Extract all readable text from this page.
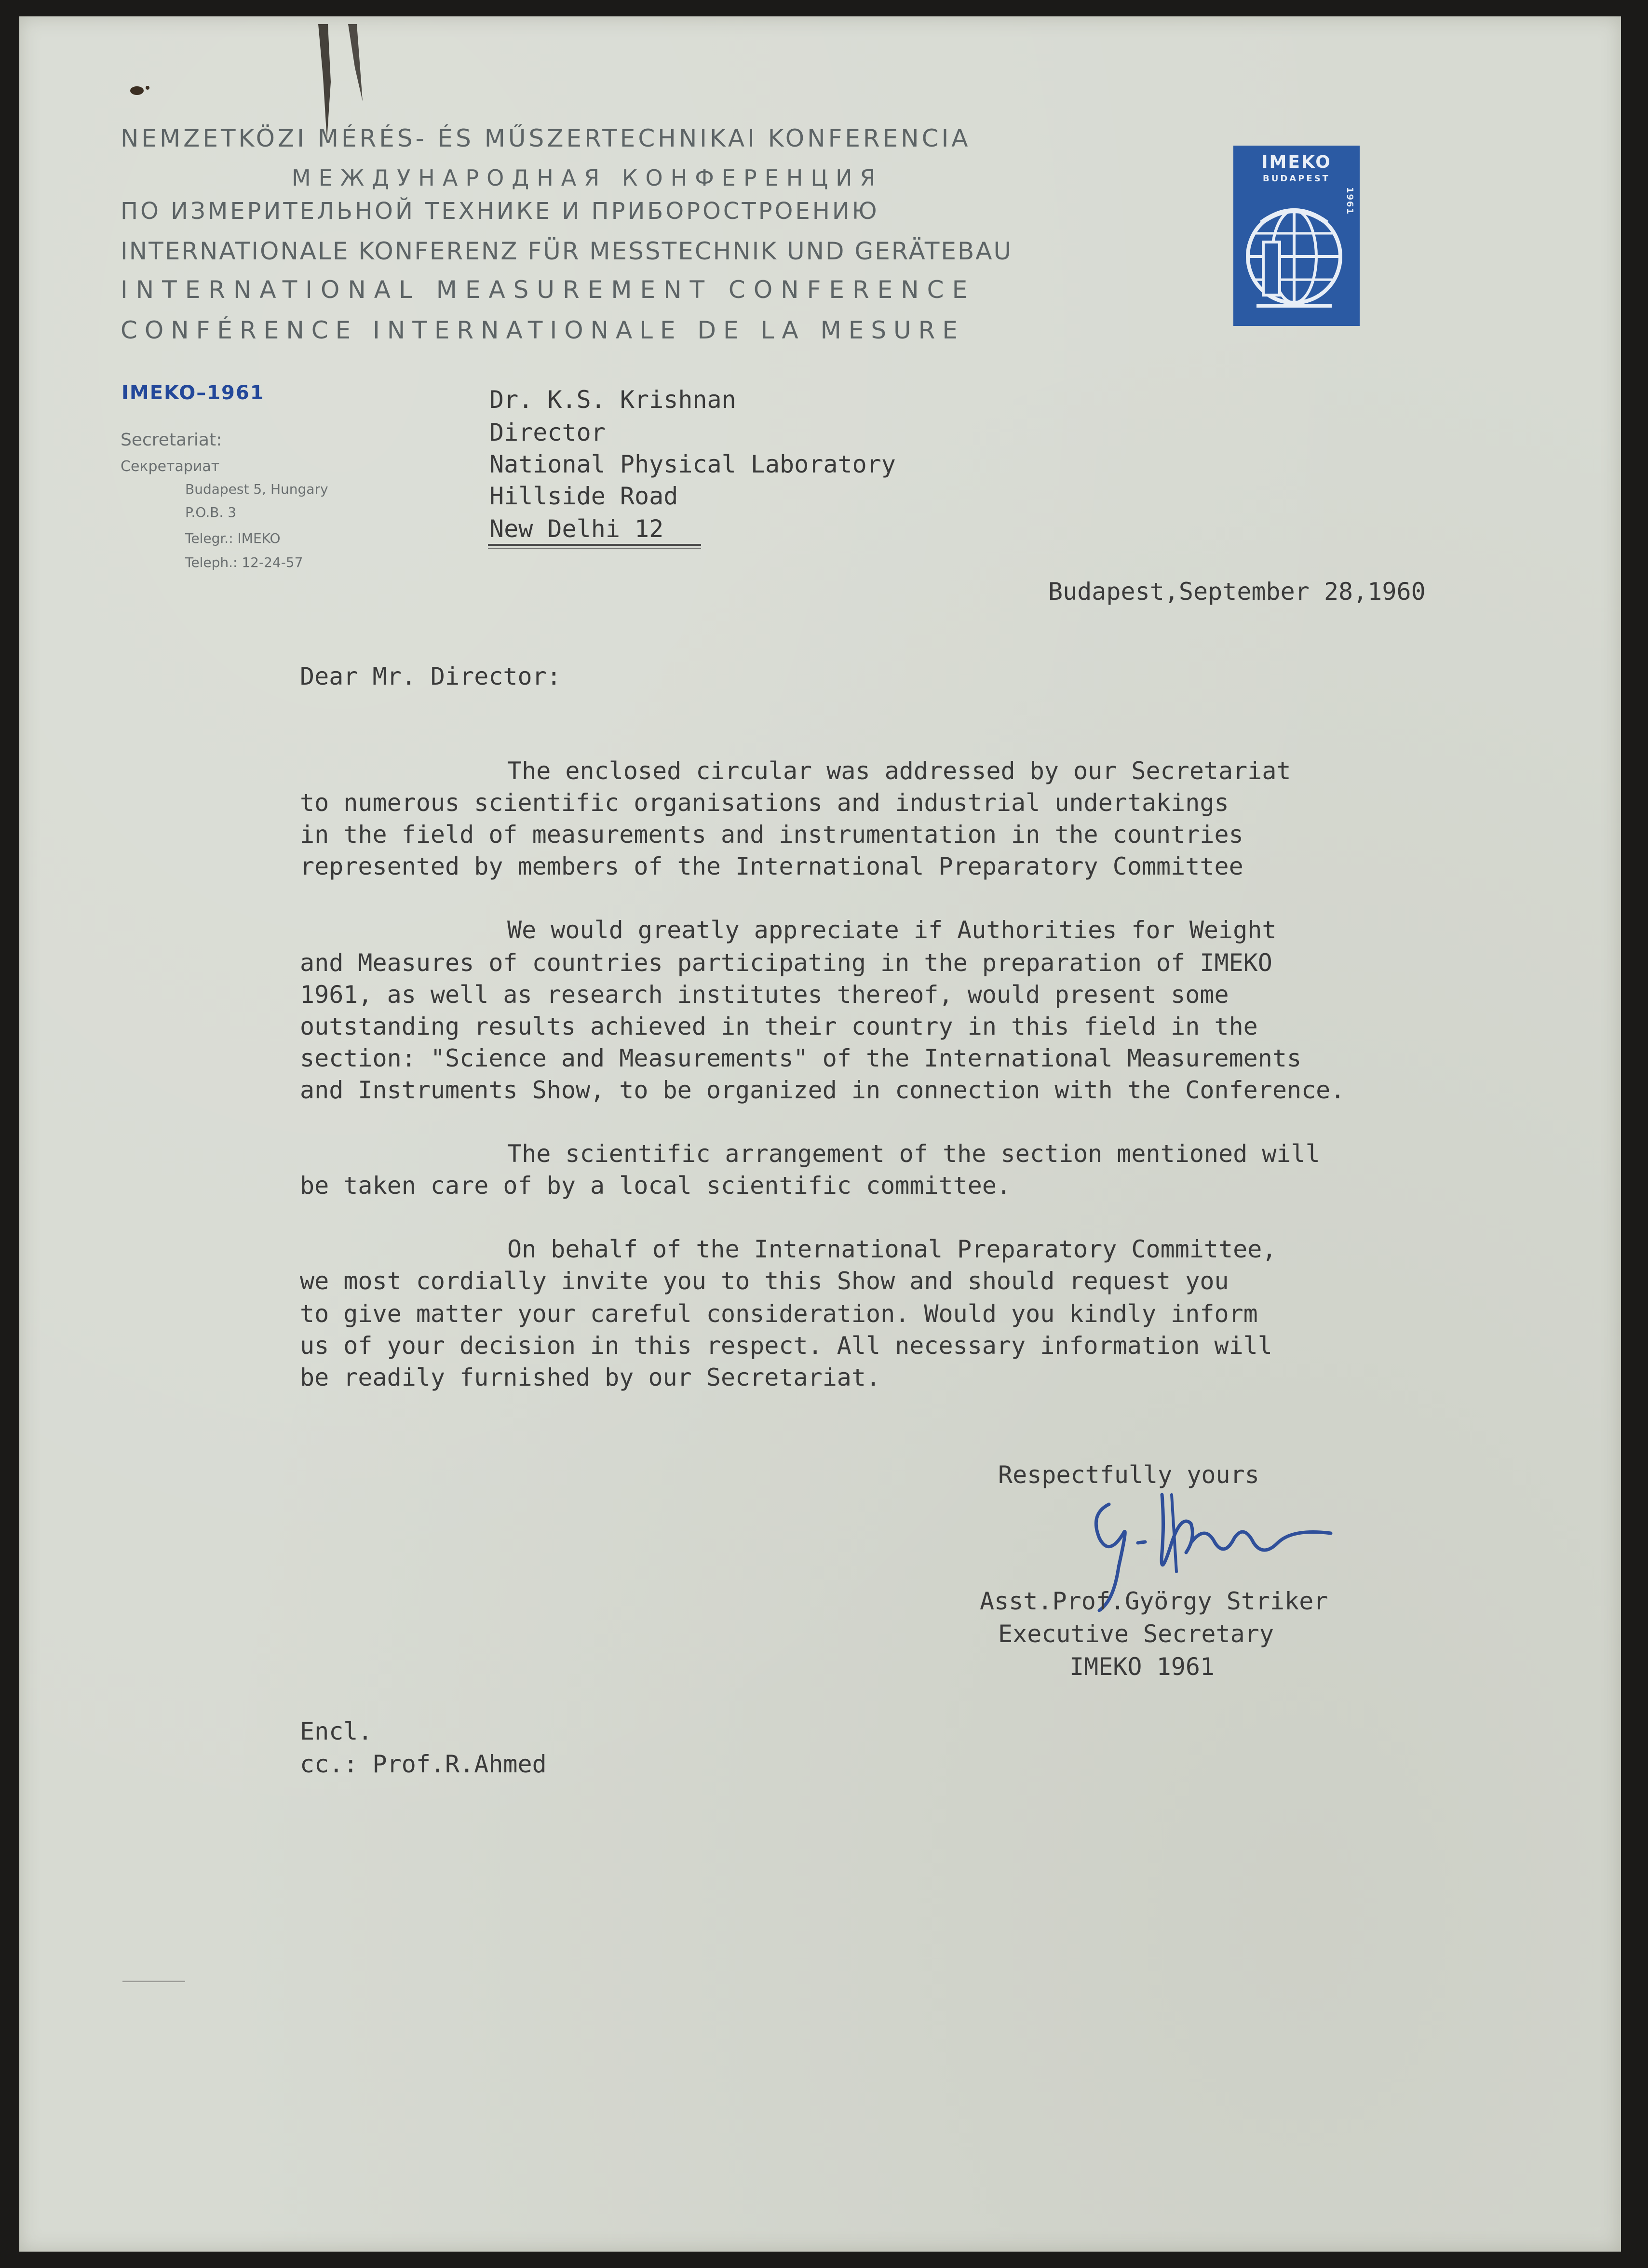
NEMZETKÖZI MÉRÉS- ÉS MŰSZERTECHNIKAI KONFERENCIA
МЕЖДУНАРОДНАЯ КОНФЕРЕНЦИЯ
ПО ИЗМЕРИТЕЛЬНОЙ ТЕХНИКЕ И ПРИБОРОСТРОЕНИЮ
INTERNATIONALE KONFERENZ FÜR MESSTECHNIK UND GERÄTEBAU
INTERNATIONAL MEASUREMENT CONFERENCE
CONFÉRENCE INTERNATIONALE DE LA MESURE
IMEKO
BUDAPEST
1961
IMEKO–1961
Secretariat:
Секретариат
Budapest 5, Hungary
P.O.B. 3
Telegr.: IMEKO
Teleph.: 12-24-57
Dr. K.S. Krishnan
Director
National Physical Laboratory
Hillside Road
New Delhi 12
Budapest,September 28,1960
Dear Mr. Director:
The enclosed circular was addressed by our Secretariat
to numerous scientific organisations and industrial undertakings
in the field of measurements and instrumentation in the countries
represented by members of the International Preparatory Committee
We would greatly appreciate if Authorities for Weight
and Measures of countries participating in the preparation of IMEKO
1961, as well as research institutes thereof, would present some
outstanding results achieved in their country in this field in the
section: "Science and Measurements" of the International Measurements
and Instruments Show, to be organized in connection with the Conference.
The scientific arrangement of the section mentioned will
be taken care of by a local scientific committee.
On behalf of the International Preparatory Committee,
we most cordially invite you to this Show and should request you
to give matter your careful consideration. Would you kindly inform
us of your decision in this respect. All necessary information will
be readily furnished by our Secretariat.
Respectfully yours
Asst.Prof.György Striker
Executive Secretary
IMEKO 1961
Encl.
cc.: Prof.R.Ahmed
